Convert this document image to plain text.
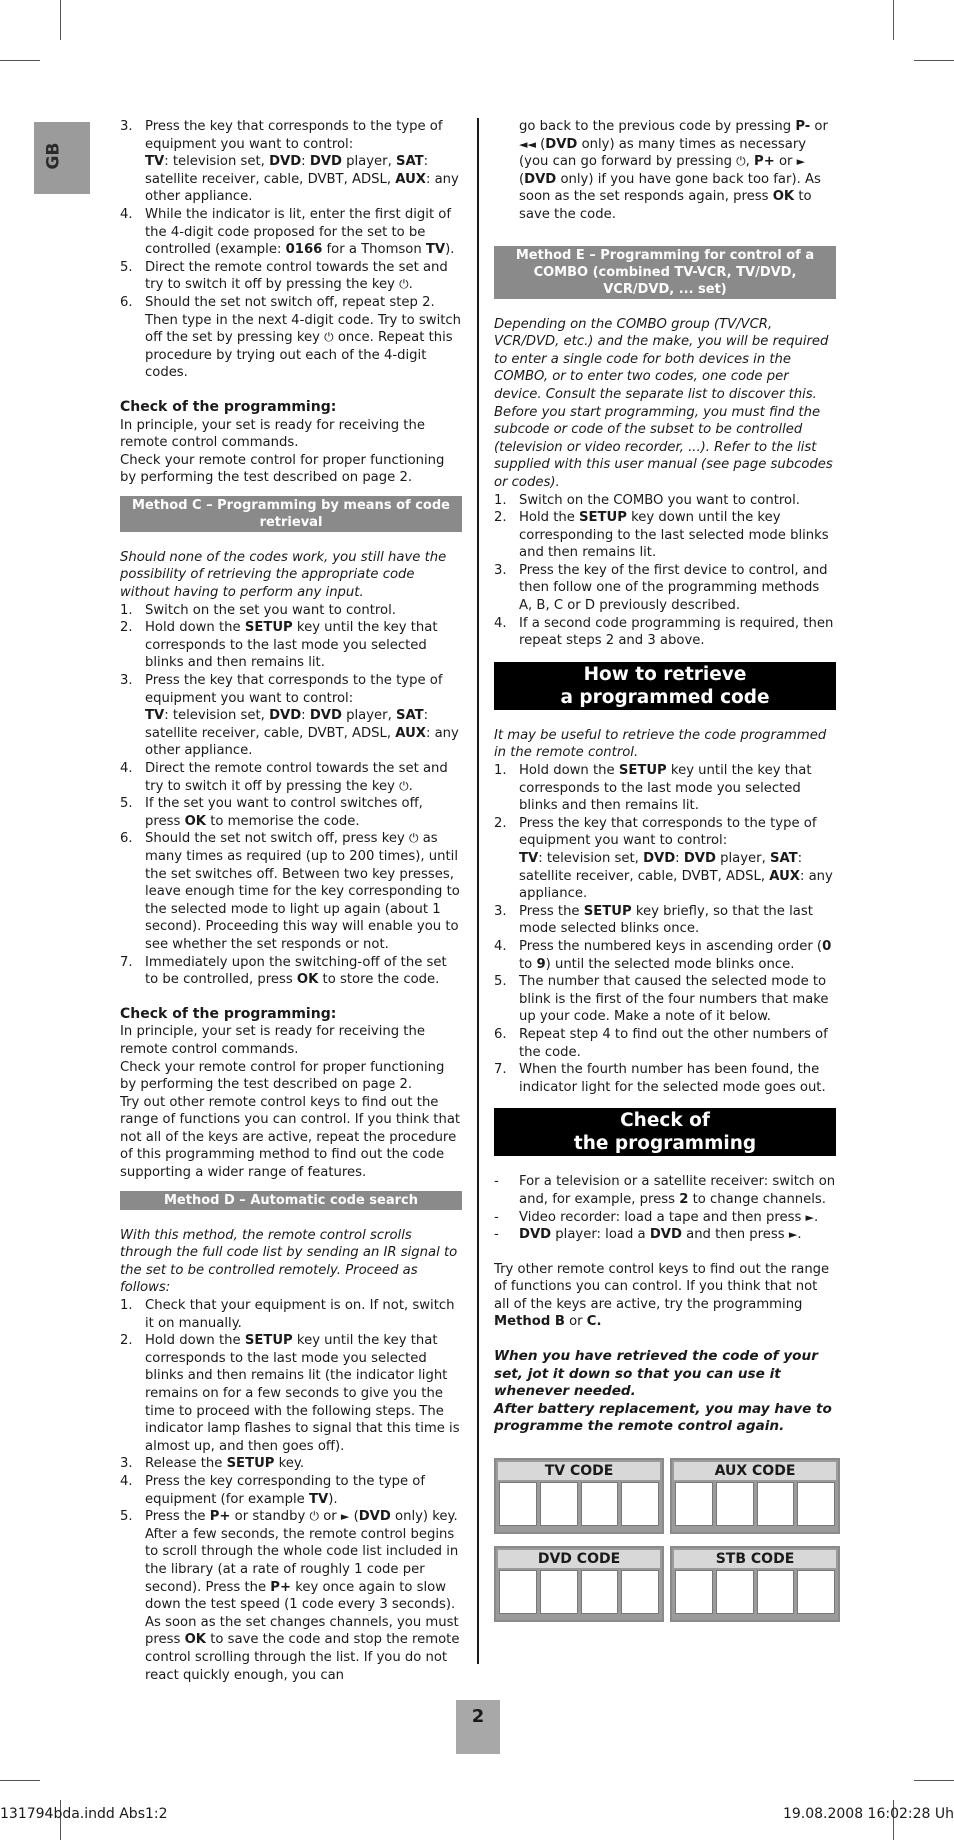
GB
3. Press the key that corresponds to the type of equipment you want to control:
TV: television set, DVD: DVD player, SAT: satellite receiver, cable, DVBT, ADSL, AUX: any other appliance.
4. While the indicator is lit, enter the first digit of the 4-digit code proposed for the set to be controlled (example: 0166 for a Thomson TV).
5. Direct the remote control towards the set and try to switch it off by pressing the key ⏻.
6. Should the set not switch off, repeat step 2. Then type in the next 4-digit code. Try to switch off the set by pressing key ⏻ once. Repeat this procedure by trying out each of the 4-digit codes.

Check of the programming:

In principle, your set is ready for receiving the remote control commands.

Check your remote control for proper functioning by performing the test described on page 2.

Method C – Programming by means of code retrieval

Should none of the codes work, you still have the possibility of retrieving the appropriate code without having to perform any input.

1. Switch on the set you want to control.
2. Hold down the SETUP key until the key that corresponds to the last mode you selected blinks and then remains lit.
3. Press the key that corresponds to the type of equipment you want to control:
TV: television set, DVD: DVD player, SAT: satellite receiver, cable, DVBT, ADSL, AUX: any other appliance.
4. Direct the remote control towards the set and try to switch it off by pressing the key ⏻.
5. If the set you want to control switches off, press OK to memorise the code.
6. Should the set not switch off, press key ⏻ as many times as required (up to 200 times), until the set switches off. Between two key presses, leave enough time for the key corresponding to the selected mode to light up again (about 1 second). Proceeding this way will enable you to see whether the set responds or not.
7. Immediately upon the switching-off of the set to be controlled, press OK to store the code.

Check of the programming:

In principle, your set is ready for receiving the remote control commands.

Check your remote control for proper functioning by performing the test described on page 2.

Try out other remote control keys to find out the range of functions you can control. If you think that not all of the keys are active, repeat the procedure of this programming method to find out the code supporting a wider range of features.

Method D – Automatic code search

With this method, the remote control scrolls through the full code list by sending an IR signal to the set to be controlled remotely. Proceed as follows:

1. Check that your equipment is on. If not, switch it on manually.
2. Hold down the SETUP key until the key that corresponds to the last mode you selected blinks and then remains lit (the indicator light remains on for a few seconds to give you the time to proceed with the following steps. The indicator lamp flashes to signal that this time is almost up, and then goes off).
3. Release the SETUP key.
4. Press the key corresponding to the type of equipment (for example TV).
5. Press the P+ or standby ⏻ or ► (DVD only) key. After a few seconds, the remote control begins to scroll through the whole code list included in the library (at a rate of roughly 1 code per second). Press the P+ key once again to slow down the test speed (1 code every 3 seconds). As soon as the set changes channels, you must press OK to save the code and stop the remote control scrolling through the list. If you do not react quickly enough, you can

go back to the previous code by pressing P- or ◄◄ (DVD only) as many times as necessary (you can go forward by pressing ⏻, P+ or ► (DVD only) if you have gone back too far). As soon as the set responds again, press OK to save the code.

Method E – Programming for control of a COMBO (combined TV-VCR, TV/DVD, VCR/DVD, ... set)

Depending on the COMBO group (TV/VCR, VCR/DVD, etc.) and the make, you will be required to enter a single code for both devices in the COMBO, or to enter two codes, one code per device. Consult the separate list to discover this.

Before you start programming, you must find the subcode or code of the subset to be controlled (television or video recorder, ...). Refer to the list supplied with this user manual (see page subcodes or codes).

1. Switch on the COMBO you want to control.
2. Hold the SETUP key down until the key corresponding to the last selected mode blinks and then remains lit.
3. Press the key of the first device to control, and then follow one of the programming methods A, B, C or D previously described.
4. If a second code programming is required, then repeat steps 2 and 3 above.
How to retrieve
a programmed code

It may be useful to retrieve the code programmed in the remote control.

1. Hold down the SETUP key until the key that corresponds to the last mode you selected blinks and then remains lit.
2. Press the key that corresponds to the type of equipment you want to control:
TV: television set, DVD: DVD player, SAT: satellite receiver, cable, DVBT, ADSL, AUX: any appliance.
3. Press the SETUP key briefly, so that the last mode selected blinks once.
4. Press the numbered keys in ascending order (0 to 9) until the selected mode blinks once.
5. The number that caused the selected mode to blink is the first of the four numbers that make up your code. Make a note of it below.
6. Repeat step 4 to find out the other numbers of the code.
7. When the fourth number has been found, the indicator light for the selected mode goes out.
Check of
the programming
- For a television or a satellite receiver: switch on and, for example, press 2 to change channels.
- Video recorder: load a tape and then press ►.
- DVD player: load a DVD and then press ►.

Try other remote control keys to find out the range of functions you can control. If you think that not all of the keys are active, try the programming Method B or C.

When you have retrieved the code of your set, jot it down so that you can use it whenever needed.

After battery replacement, you may have to programme the remote control again.

TV CODE	AUX CODE
DVD CODE	STB CODE
2
131794bda.indd Abs1:2	19.08.2008 16:02:28 Uh
